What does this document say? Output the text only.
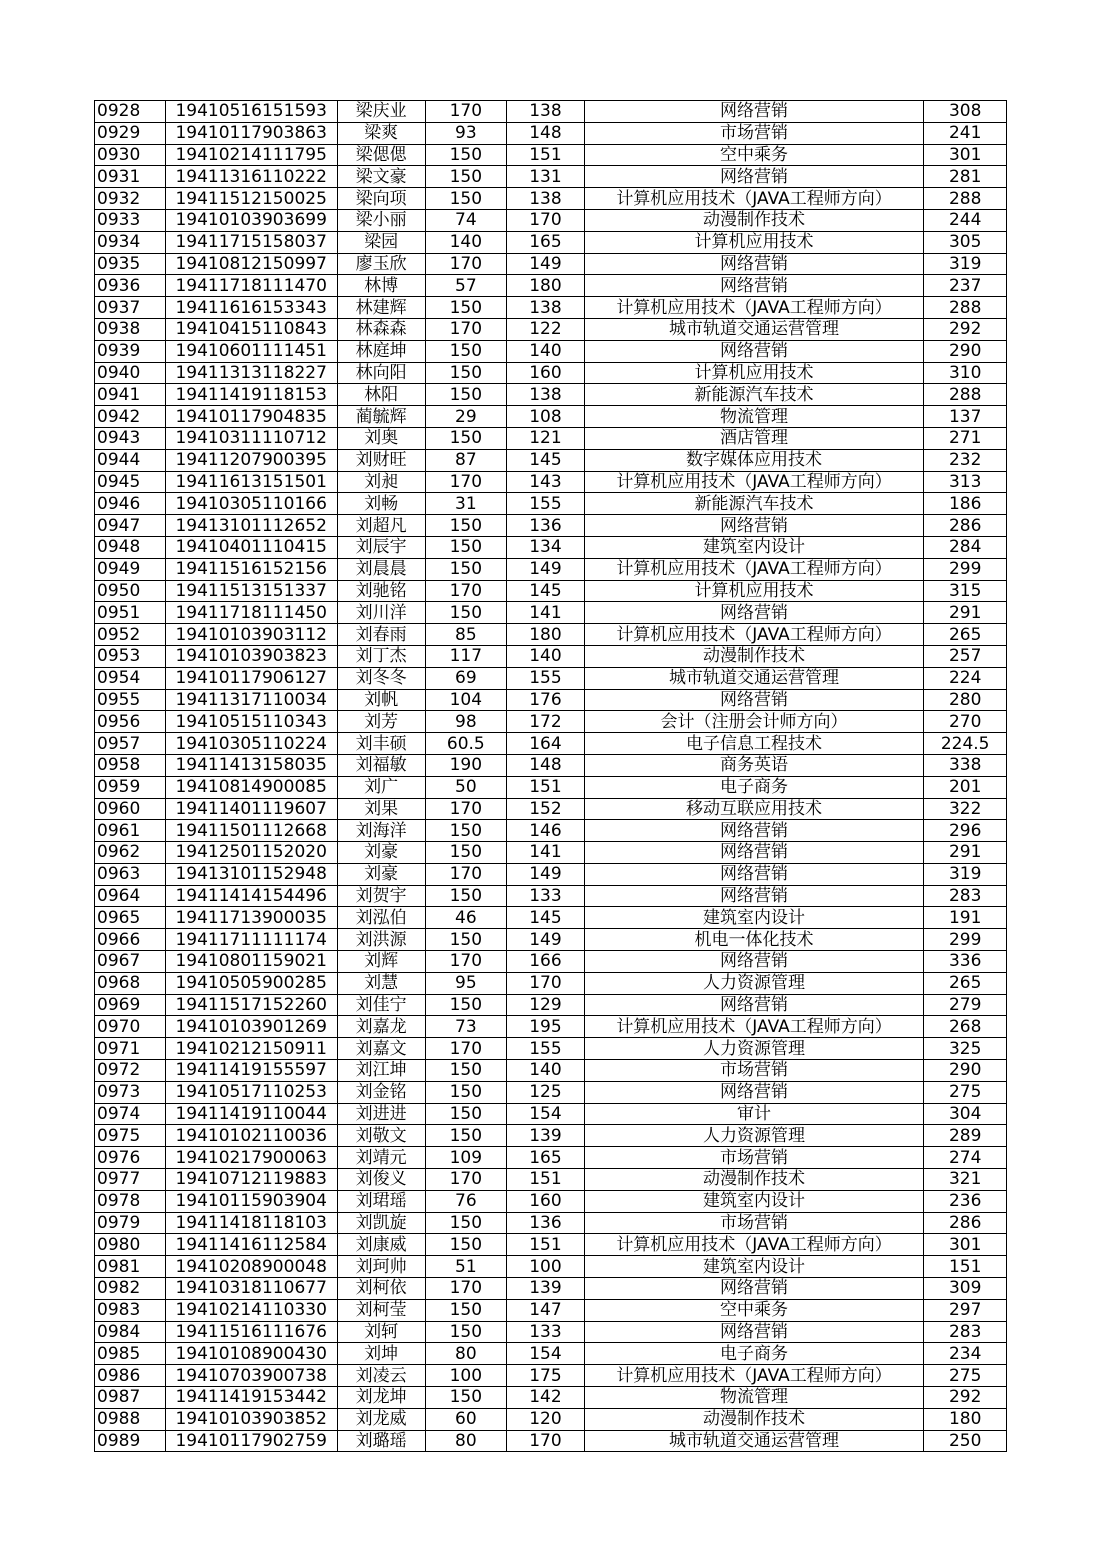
0928	19410516151593	梁庆业	170	138	网络营销	308
0929	19410117903863	梁爽	93	148	市场营销	241
0930	19410214111795	梁偲偲	150	151	空中乘务	301
0931	19411316110222	梁文豪	150	131	网络营销	281
0932	19411512150025	梁向项	150	138	计算机应用技术（JAVA工程师方向）	288
0933	19410103903699	梁小丽	74	170	动漫制作技术	244
0934	19411715158037	梁园	140	165	计算机应用技术	305
0935	19410812150997	廖玉欣	170	149	网络营销	319
0936	19411718111470	林博	57	180	网络营销	237
0937	19411616153343	林建辉	150	138	计算机应用技术（JAVA工程师方向）	288
0938	19410415110843	林森森	170	122	城市轨道交通运营管理	292
0939	19410601111451	林庭坤	150	140	网络营销	290
0940	19411313118227	林向阳	150	160	计算机应用技术	310
0941	19411419118153	林阳	150	138	新能源汽车技术	288
0942	19410117904835	蔺毓辉	29	108	物流管理	137
0943	19410311110712	刘奥	150	121	酒店管理	271
0944	19411207900395	刘财旺	87	145	数字媒体应用技术	232
0945	19411613151501	刘昶	170	143	计算机应用技术（JAVA工程师方向）	313
0946	19410305110166	刘畅	31	155	新能源汽车技术	186
0947	19413101112652	刘超凡	150	136	网络营销	286
0948	19410401110415	刘辰宇	150	134	建筑室内设计	284
0949	19411516152156	刘晨晨	150	149	计算机应用技术（JAVA工程师方向）	299
0950	19411513151337	刘驰铭	170	145	计算机应用技术	315
0951	19411718111450	刘川洋	150	141	网络营销	291
0952	19410103903112	刘春雨	85	180	计算机应用技术（JAVA工程师方向）	265
0953	19410103903823	刘丁杰	117	140	动漫制作技术	257
0954	19410117906127	刘冬冬	69	155	城市轨道交通运营管理	224
0955	19411317110034	刘帆	104	176	网络营销	280
0956	19410515110343	刘芳	98	172	会计（注册会计师方向）	270
0957	19410305110224	刘丰硕	60.5	164	电子信息工程技术	224.5
0958	19411413158035	刘福敏	190	148	商务英语	338
0959	19410814900085	刘广	50	151	电子商务	201
0960	19411401119607	刘果	170	152	移动互联应用技术	322
0961	19411501112668	刘海洋	150	146	网络营销	296
0962	19412501152020	刘豪	150	141	网络营销	291
0963	19413101152948	刘豪	170	149	网络营销	319
0964	19411414154496	刘贺宇	150	133	网络营销	283
0965	19411713900035	刘泓伯	46	145	建筑室内设计	191
0966	19411711111174	刘洪源	150	149	机电一体化技术	299
0967	19410801159021	刘辉	170	166	网络营销	336
0968	19410505900285	刘慧	95	170	人力资源管理	265
0969	19411517152260	刘佳宁	150	129	网络营销	279
0970	19410103901269	刘嘉龙	73	195	计算机应用技术（JAVA工程师方向）	268
0971	19410212150911	刘嘉文	170	155	人力资源管理	325
0972	19411419155597	刘江坤	150	140	市场营销	290
0973	19410517110253	刘金铭	150	125	网络营销	275
0974	19411419110044	刘进进	150	154	审计	304
0975	19410102110036	刘敬文	150	139	人力资源管理	289
0976	19410217900063	刘靖元	109	165	市场营销	274
0977	19410712119883	刘俊义	170	151	动漫制作技术	321
0978	19410115903904	刘珺瑶	76	160	建筑室内设计	236
0979	19411418118103	刘凯旋	150	136	市场营销	286
0980	19411416112584	刘康威	150	151	计算机应用技术（JAVA工程师方向）	301
0981	19410208900048	刘珂帅	51	100	建筑室内设计	151
0982	19410318110677	刘柯依	170	139	网络营销	309
0983	19410214110330	刘柯莹	150	147	空中乘务	297
0984	19411516111676	刘轲	150	133	网络营销	283
0985	19410108900430	刘坤	80	154	电子商务	234
0986	19410703900738	刘凌云	100	175	计算机应用技术（JAVA工程师方向）	275
0987	19411419153442	刘龙坤	150	142	物流管理	292
0988	19410103903852	刘龙威	60	120	动漫制作技术	180
0989	19410117902759	刘璐瑶	80	170	城市轨道交通运营管理	250
